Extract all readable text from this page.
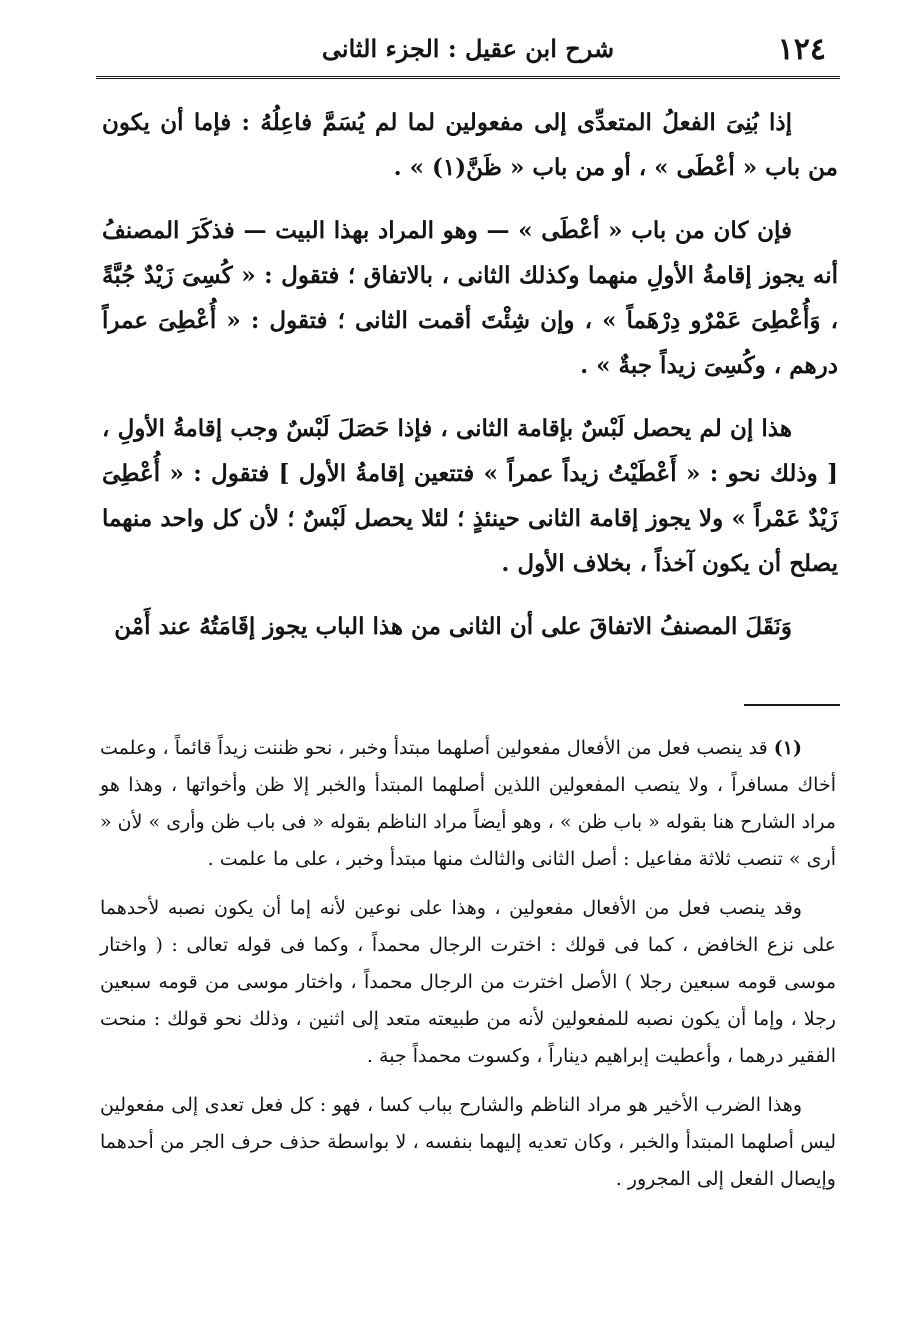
١٢٤
شرح ابن عقيل : الجزء الثانى

إذا بُنِىَ الفعلُ المتعدِّى إلى مفعولين لما لم يُسَمَّ فاعِلُهُ : فإما أن يكون من باب « أعْطَى » ، أو من باب « ظَنَّ(١) » .

فإن كان من باب « أعْطَى » — وهو المراد بهذا البيت — فذكَرَ المصنفُ أنه يجوز إقامةُ الأولِ منهما وكذلك الثانى ، بالاتفاق ؛ فتقول : « كُسِىَ زَيْدٌ جُبَّةً ، وَأُعْطِىَ عَمْرٌو دِرْهَماً » ، وإن شِئْتَ أقمت الثانى ؛ فتقول : « أُعْطِىَ عمراً درهم ، وكُسِىَ زيداً جبةٌ » .

هذا إن لم يحصل لَبْسٌ بإقامة الثانى ، فإذا حَصَلَ لَبْسٌ وجب إقامةُ الأولِ ، [ وذلك نحو : « أَعْطَيْتُ زيداً عمراً » فتتعين إقامةُ الأول ] فتقول : « أُعْطِىَ زَيْدٌ عَمْراً » ولا يجوز إقامة الثانى حينئذٍ ؛ لئلا يحصل لَبْسٌ ؛ لأن كل واحد منهما يصلح أن يكون آخذاً ، بخلاف الأول .

وَنَقَلَ المصنفُ الاتفاقَ على أن الثانى من هذا الباب يجوز إقَامَتُهُ عند أَمْن

(١) قد ينصب فعل من الأفعال مفعولين أصلهما مبتدأ وخبر ، نحو ظننت زيداً قائماً ، وعلمت أخاك مسافراً ، ولا ينصب المفعولين اللذين أصلهما المبتدأ والخبر إلا ظن وأخواتها ، وهذا هو مراد الشارح هنا بقوله « باب ظن » ، وهو أيضاً مراد الناظم بقوله « فى باب ظن وأرى » لأن « أرى » تنصب ثلاثة مفاعيل : أصل الثانى والثالث منها مبتدأ وخبر ، على ما علمت .

وقد ينصب فعل من الأفعال مفعولين ، وهذا على نوعين لأنه إما أن يكون نصبه لأحدهما على نزع الخافض ، كما فى قولك : اخترت الرجال محمداً ، وكما فى قوله تعالى : ( واختار موسى قومه سبعين رجلا ) الأصل اخترت من الرجال محمداً ، واختار موسى من قومه سبعين رجلا ، وإما أن يكون نصبه للمفعولين لأنه من طبيعته متعد إلى اثنين ، وذلك نحو قولك : منحت الفقير درهما ، وأعطيت إبراهيم ديناراً ، وكسوت محمداً جبة .

وهذا الضرب الأخير هو مراد الناظم والشارح بباب كسا ، فهو : كل فعل تعدى إلى مفعولين ليس أصلهما المبتدأ والخبر ، وكان تعديه إليهما بنفسه ، لا بواسطة حذف حرف الجر من أحدهما وإيصال الفعل إلى المجرور .
